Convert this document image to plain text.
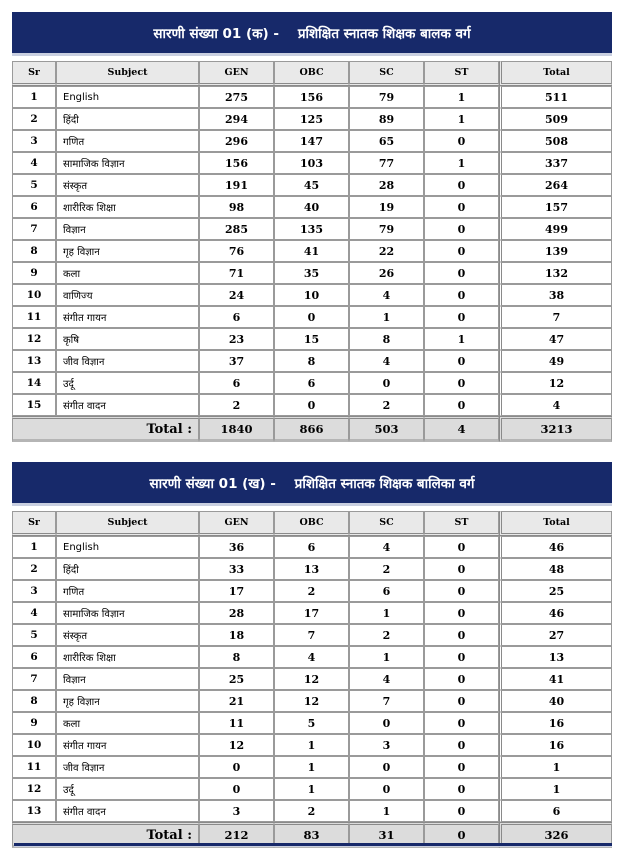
सारणी संख्या 01 (क) -    प्रशिक्षित स्नातक शिक्षक बालक वर्ग
Sr	Subject	GEN	OBC	SC	ST	Total
1	English	275	156	79	1	511
2	हिंदी	294	125	89	1	509
3	गणित	296	147	65	0	508
4	सामाजिक विज्ञान	156	103	77	1	337
5	संस्कृत	191	45	28	0	264
6	शारीरिक शिक्षा	98	40	19	0	157
7	विज्ञान	285	135	79	0	499
8	गृह विज्ञान	76	41	22	0	139
9	कला	71	35	26	0	132
10	वाणिज्य	24	10	4	0	38
11	संगीत गायन	6	0	1	0	7
12	कृषि	23	15	8	1	47
13	जीव विज्ञान	37	8	4	0	49
14	उर्दू	6	6	0	0	12
15	संगीत वादन	2	0	2	0	4
Total :		1840	866	503	4	3213
सारणी संख्या 01 (ख) -    प्रशिक्षित स्नातक शिक्षक बालिका वर्ग
Sr	Subject	GEN	OBC	SC	ST	Total
1	English	36	6	4	0	46
2	हिंदी	33	13	2	0	48
3	गणित	17	2	6	0	25
4	सामाजिक विज्ञान	28	17	1	0	46
5	संस्कृत	18	7	2	0	27
6	शारीरिक शिक्षा	8	4	1	0	13
7	विज्ञान	25	12	4	0	41
8	गृह विज्ञान	21	12	7	0	40
9	कला	11	5	0	0	16
10	संगीत गायन	12	1	3	0	16
11	जीव विज्ञान	0	1	0	0	1
12	उर्दू	0	1	0	0	1
13	संगीत वादन	3	2	1	0	6
Total :		212	83	31	0	326
